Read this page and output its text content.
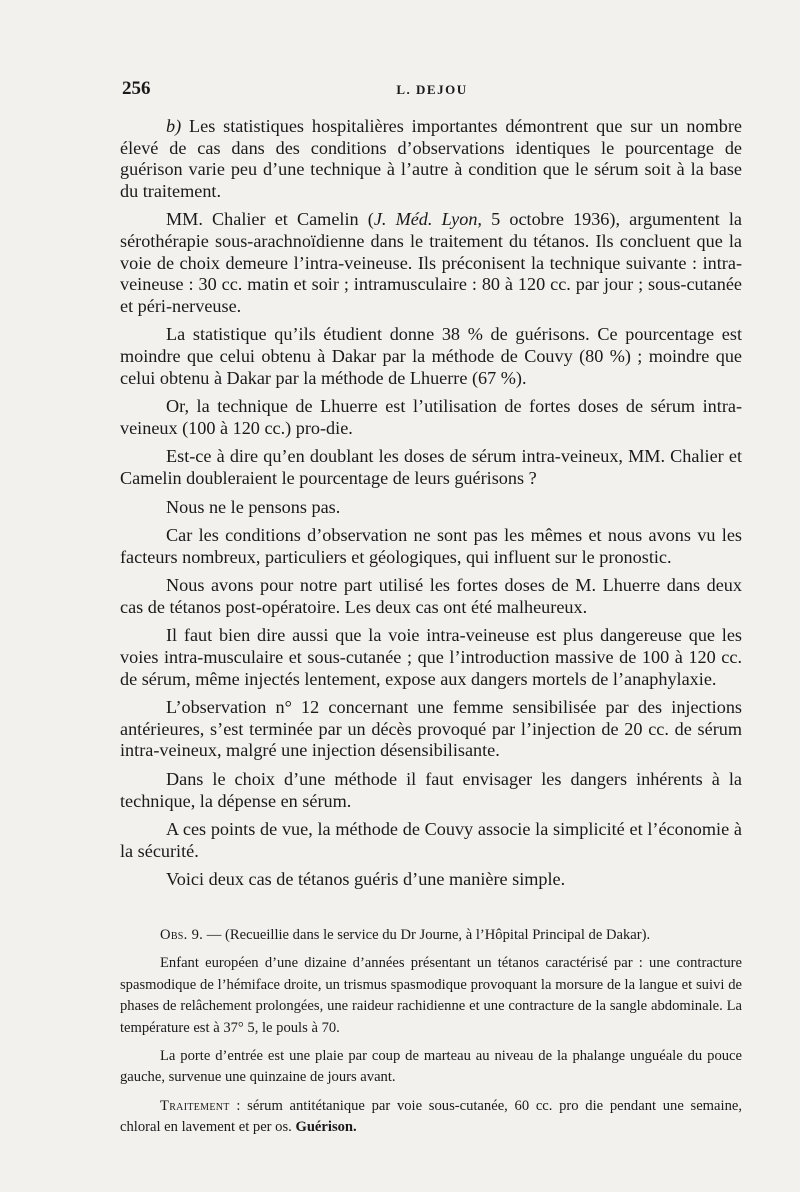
256	L. DEJOU

b) Les statistiques hospitalières importantes démontrent que sur un nombre élevé de cas dans des conditions d’observations identiques le pourcentage de guérison varie peu d’une technique à l’autre à condition que le sérum soit à la base du traitement.

MM. Chalier et Camelin (J. Méd. Lyon, 5 octobre 1936), argumentent la sérothérapie sous-arachnoïdienne dans le traitement du tétanos. Ils concluent que la voie de choix demeure l’intra-veineuse. Ils préconisent la technique suivante : intra-veineuse : 30 cc. matin et soir ; intramusculaire : 80 à 120 cc. par jour ; sous-cutanée et péri-nerveuse.

La statistique qu’ils étudient donne 38 % de guérisons. Ce pourcentage est moindre que celui obtenu à Dakar par la méthode de Couvy (80 %) ; moindre que celui obtenu à Dakar par la méthode de Lhuerre (67 %).

Or, la technique de Lhuerre est l’utilisation de fortes doses de sérum intra-veineux (100 à 120 cc.) pro-die.

Est-ce à dire qu’en doublant les doses de sérum intra-veineux, MM. Chalier et Camelin doubleraient le pourcentage de leurs guérisons ?

Nous ne le pensons pas.

Car les conditions d’observation ne sont pas les mêmes et nous avons vu les facteurs nombreux, particuliers et géologiques, qui influent sur le pronostic.

Nous avons pour notre part utilisé les fortes doses de M. Lhuerre dans deux cas de tétanos post-opératoire. Les deux cas ont été malheureux.

Il faut bien dire aussi que la voie intra-veineuse est plus dangereuse que les voies intra-musculaire et sous-cutanée ; que l’introduction massive de 100 à 120 cc. de sérum, même injectés lentement, expose aux dangers mortels de l’anaphylaxie.

L’observation n° 12 concernant une femme sensibilisée par des injections antérieures, s’est terminée par un décès provoqué par l’injection de 20 cc. de sérum intra-veineux, malgré une injection désensibilisante.

Dans le choix d’une méthode il faut envisager les dangers inhérents à la technique, la dépense en sérum.

A ces points de vue, la méthode de Couvy associe la simplicité et l’économie à la sécurité.

Voici deux cas de tétanos guéris d’une manière simple.

Obs. 9. — (Recueillie dans le service du Dr Journe, à l’Hôpital Principal de Dakar).

Enfant européen d’une dizaine d’années présentant un tétanos caractérisé par : une contracture spasmodique de l’hémiface droite, un trismus spasmodique provoquant la morsure de la langue et suivi de phases de relâchement prolongées, une raideur rachidienne et une contracture de la sangle abdominale. La température est à 37° 5, le pouls à 70.

La porte d’entrée est une plaie par coup de marteau au niveau de la phalange unguéale du pouce gauche, survenue une quinzaine de jours avant.

Traitement : sérum antitétanique par voie sous-cutanée, 60 cc. pro die pendant une semaine, chloral en lavement et per os. Guérison.
